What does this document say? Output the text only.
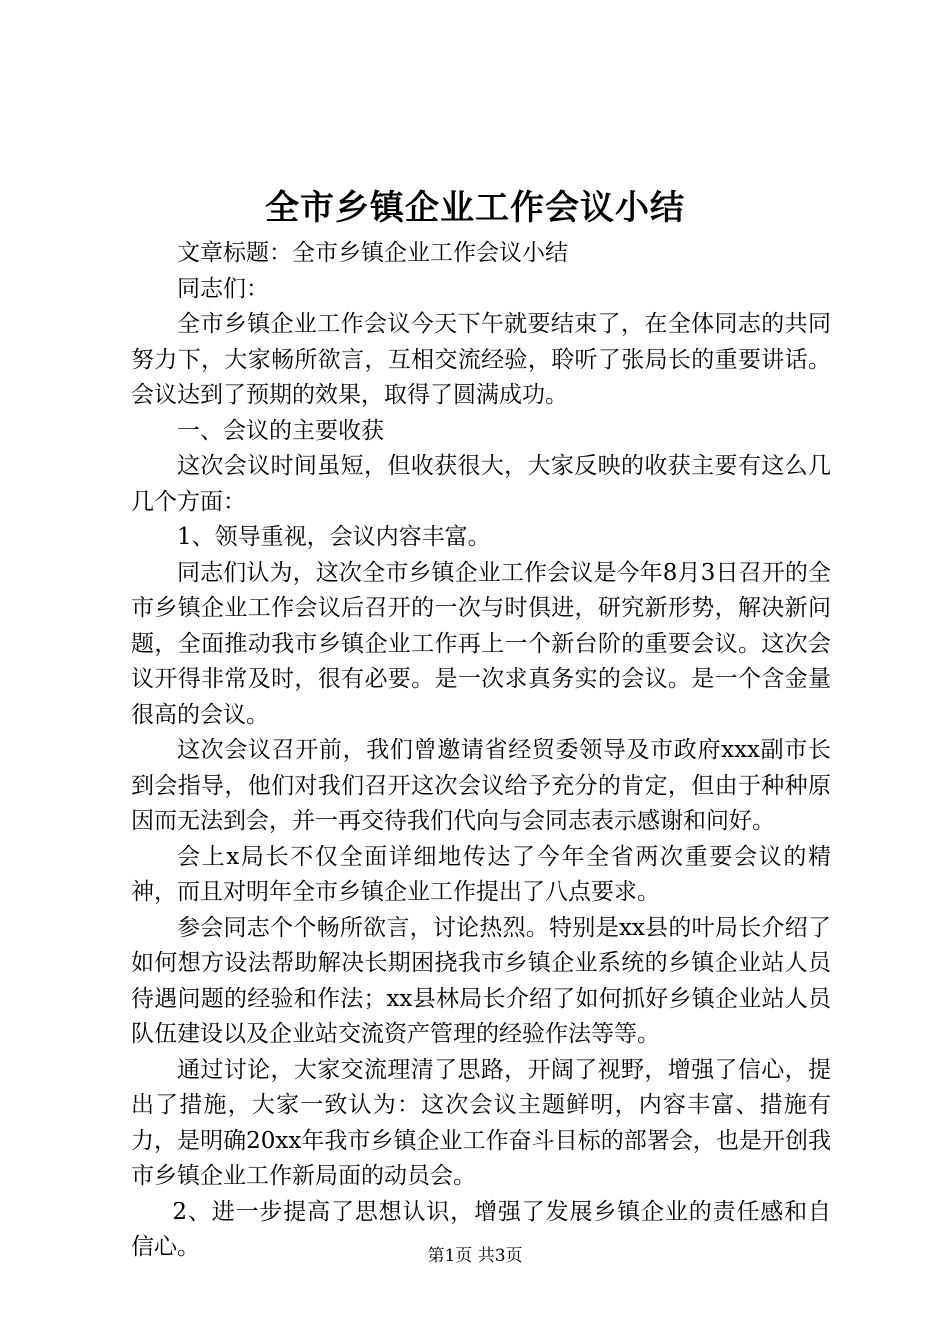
全市乡镇企业工作会议小结

文章标题：全市乡镇企业工作会议小结

同志们：

全市乡镇企业工作会议今天下午就要结束了，在全体同志的共同努力下，大家畅所欲言，互相交流经验，聆听了张局长的重要讲话。会议达到了预期的效果，取得了圆满成功。

一、会议的主要收获

这次会议时间虽短，但收获很大，大家反映的收获主要有这么几几个方面：

1、领导重视，会议内容丰富。

同志们认为，这次全市乡镇企业工作会议是今年8月3日召开的全市乡镇企业工作会议后召开的一次与时俱进，研究新形势，解决新问题，全面推动我市乡镇企业工作再上一个新台阶的重要会议。这次会议开得非常及时，很有必要。是一次求真务实的会议。是一个含金量很高的会议。

这次会议召开前，我们曾邀请省经贸委领导及市政府xxx副市长到会指导，他们对我们召开这次会议给予充分的肯定，但由于种种原因而无法到会，并一再交待我们代向与会同志表示感谢和问好。

会上x局长不仅全面详细地传达了今年全省两次重要会议的精神，而且对明年全市乡镇企业工作提出了八点要求。

参会同志个个畅所欲言，讨论热烈。特别是xx县的叶局长介绍了如何想方设法帮助解决长期困挠我市乡镇企业系统的乡镇企业站人员待遇问题的经验和作法；xx县林局长介绍了如何抓好乡镇企业站人员队伍建设以及企业站交流资产管理的经验作法等等。

通过讨论，大家交流理清了思路，开阔了视野，增强了信心，提出了措施，大家一致认为：这次会议主题鲜明，内容丰富、措施有力，是明确20xx年我市乡镇企业工作奋斗目标的部署会，也是开创我市乡镇企业工作新局面的动员会。

2、进一步提高了思想认识，增强了发展乡镇企业的责任感和自信心。	第1页 共3页
